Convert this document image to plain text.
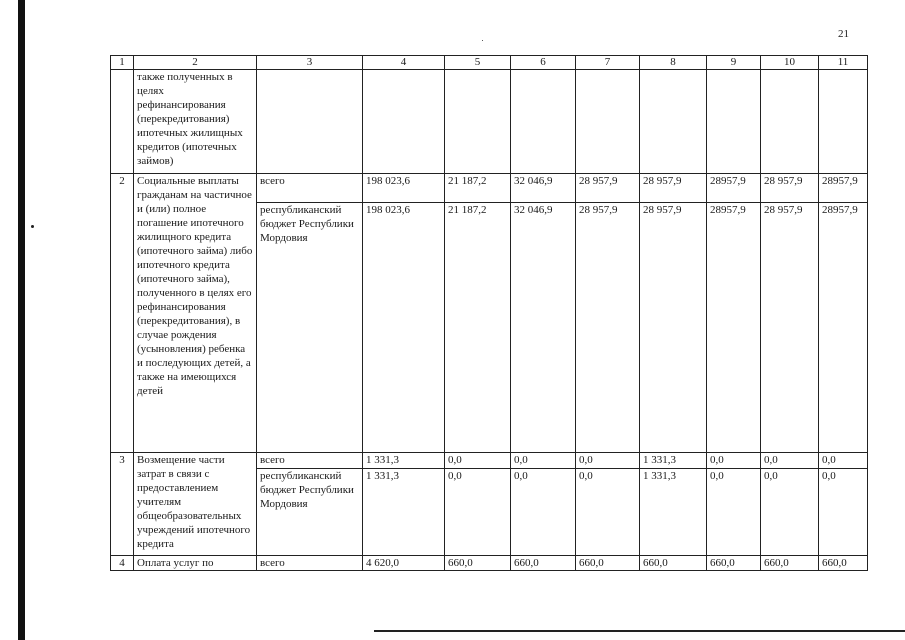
21
1	2	3	4	5	6	7	8	9	10	11
	также полученных в целях рефинансирования (перекредитования) ипотечных жилищных кредитов (ипотечных займов)									
2	Социальные выплаты гражданам на частичное и (или) полное погашение ипотечного жилищного кредита (ипотечного займа) либо ипотечного кредита (ипотечного займа), полученного в целях его рефинансирования (перекредитования), в случае рождения (усыновления) ребенка и последующих детей, а также на имеющихся детей	всего	198 023,6	21 187,2	32 046,9	28 957,9	28 957,9	28957,9	28 957,9	28957,9
		республиканский бюджет Республики Мордовия	198 023,6	21 187,2	32 046,9	28 957,9	28 957,9	28957,9	28 957,9	28957,9
3	Возмещение части затрат в связи с предоставлением учителям общеобразовательных учреждений ипотечного кредита	всего	1 331,3	0,0	0,0	0,0	1 331,3	0,0	0,0	0,0
		республиканский бюджет Республики Мордовия	1 331,3	0,0	0,0	0,0	1 331,3	0,0	0,0	0,0
4	Оплата услуг по	всего	4 620,0	660,0	660,0	660,0	660,0	660,0	660,0	660,0
